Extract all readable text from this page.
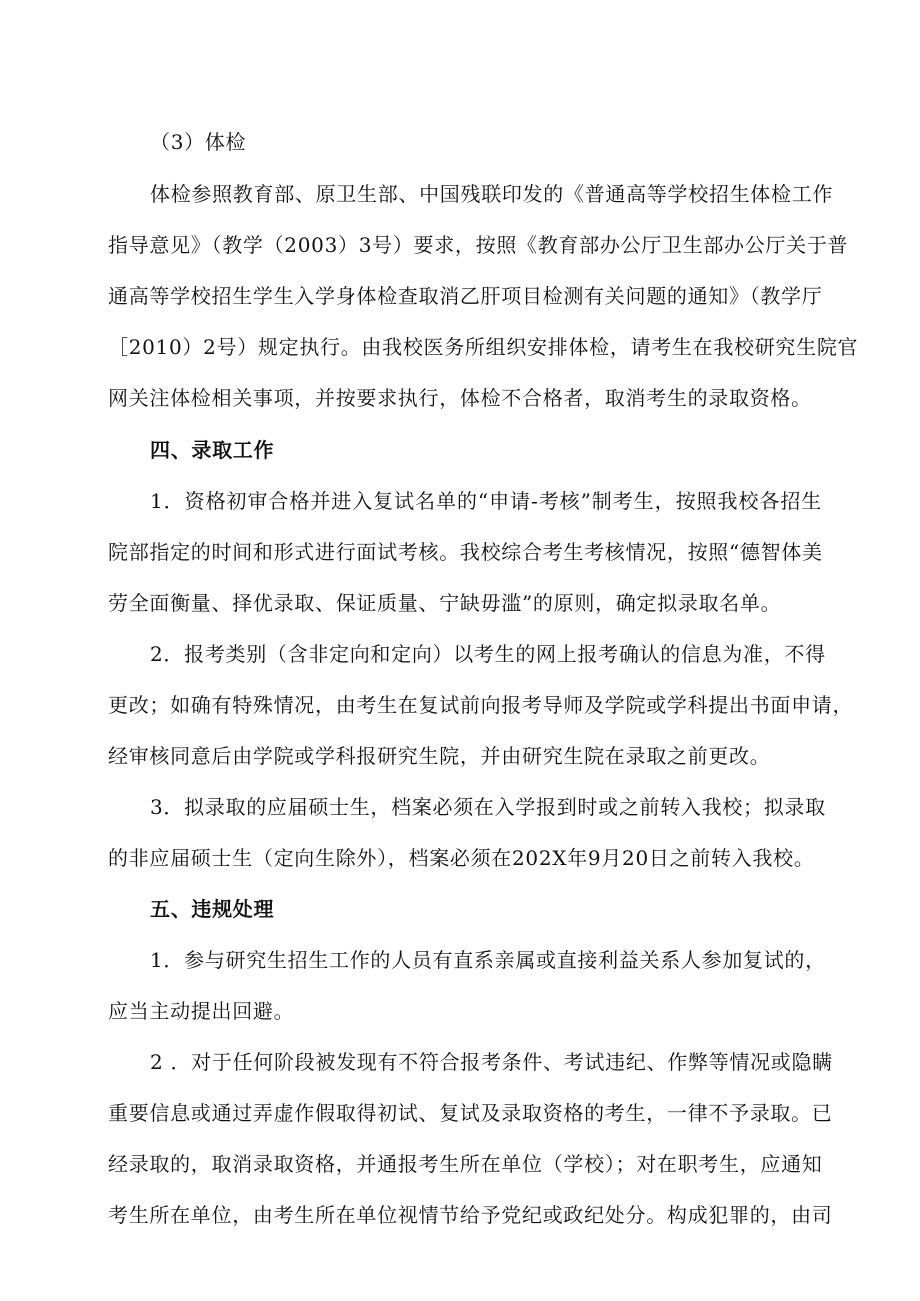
（3）体检
体检参照教育部、原卫生部、中国残联印发的《普通高等学校招生体检工作
指导意见》（教学（2003）3号）要求，按照《教育部办公厅卫生部办公厅关于普
通高等学校招生学生入学身体检查取消乙肝项目检测有关问题的通知》（教学厅
［2010）2号）规定执行。由我校医务所组织安排体检，请考生在我校研究生院官
网关注体检相关事项，并按要求执行，体检不合格者，取消考生的录取资格。
四、录取工作
1．资格初审合格并进入复试名单的“申请-考核”制考生，按照我校各招生
院部指定的时间和形式进行面试考核。我校综合考生考核情况，按照“德智体美
劳全面衡量、择优录取、保证质量、宁缺毋滥”的原则，确定拟录取名单。
2．报考类别（含非定向和定向）以考生的网上报考确认的信息为准，不得
更改；如确有特殊情况，由考生在复试前向报考导师及学院或学科提出书面申请，
经审核同意后由学院或学科报研究生院，并由研究生院在录取之前更改。
3．拟录取的应届硕士生，档案必须在入学报到时或之前转入我校；拟录取
的非应届硕士生（定向生除外），档案必须在202X年9月20日之前转入我校。
五、违规处理
1．参与研究生招生工作的人员有直系亲属或直接利益关系人参加复试的，
应当主动提出回避。
2 ．对于任何阶段被发现有不符合报考条件、考试违纪、作弊等情况或隐瞒
重要信息或通过弄虚作假取得初试、复试及录取资格的考生，一律不予录取。已
经录取的，取消录取资格，并通报考生所在单位（学校）；对在职考生，应通知
考生所在单位，由考生所在单位视情节给予党纪或政纪处分。构成犯罪的，由司
